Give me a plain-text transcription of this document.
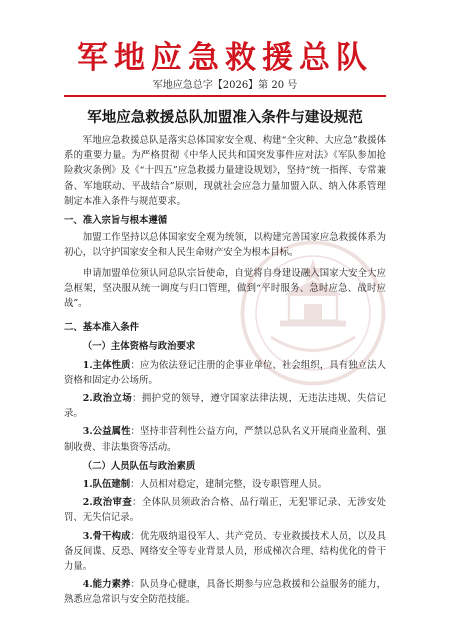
军地应急救援总队
军地应急总字【2026】第 20 号
军地应急救援总队加盟准入条件与建设规范

军地应急救援总队是落实总体国家安全观、构建“全灾种、大应急”救援体系的重要力量。为严格贯彻《中华人民共和国突发事件应对法》《军队参加抢险救灾条例》及《“十四五”应急救援力量建设规划》，坚持“统一指挥、专常兼备、军地联动、平战结合”原则，现就社会应急力量加盟入队、纳入体系管理制定本准入条件与规范要求。

一、准入宗旨与根本遵循

加盟工作坚持以总体国家安全观为统领，以构建完善国家应急救援体系为初心，以守护国家安全和人民生命财产安全为根本目标。

申请加盟单位须认同总队宗旨使命，自觉将自身建设融入国家大安全大应急框架，坚决服从统一调度与归口管理，做到“平时服务、急时应急、战时应战”。

二、基本准入条件

（一）主体资格与政治要求

1.主体性质：应为依法登记注册的企事业单位、社会组织，具有独立法人资格和固定办公场所。

2.政治立场：拥护党的领导，遵守国家法律法规，无违法违规、失信记录。

3.公益属性：坚持非营利性公益方向，严禁以总队名义开展商业盈利、强制收费、非法集资等活动。

（二）人员队伍与政治素质

1.队伍建制：人员相对稳定，建制完整，设专职管理人员。

2.政治审查：全体队员须政治合格、品行端正，无犯罪记录、无涉安处罚、无失信记录。

3.骨干构成：优先吸纳退役军人、共产党员、专业救援技术人员，以及具备反间谍、反恐、网络安全等专业背景人员，形成梯次合理、结构优化的骨干力量。

4.能力素养：队员身心健康，具备长期参与应急救援和公益服务的能力，熟悉应急常识与安全防范技能。
